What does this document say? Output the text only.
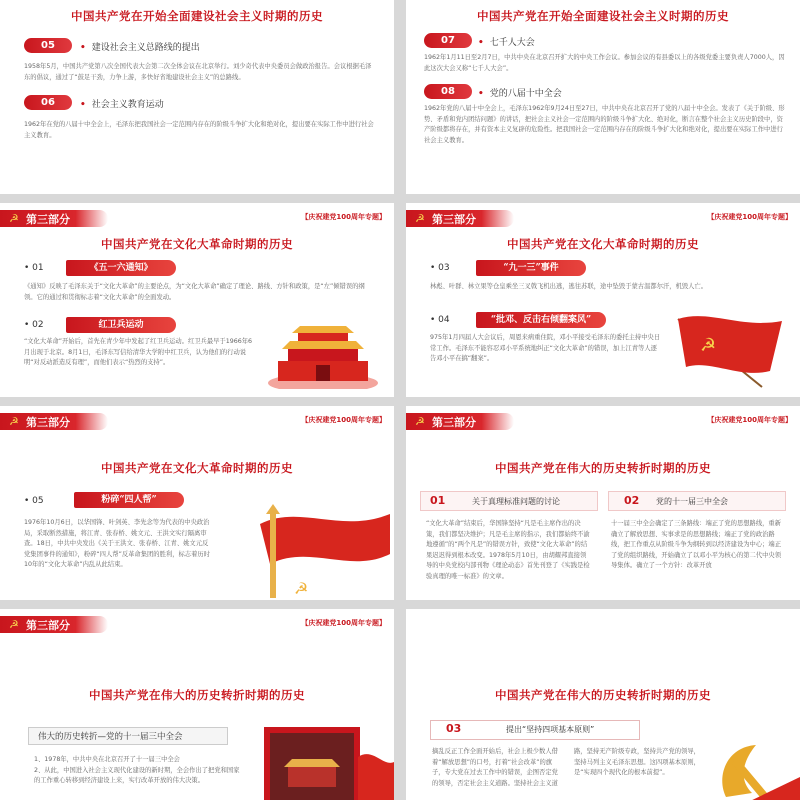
中国共产党在开始全面建设社会主义时期的历史
05	• 建设社会主义总路线的提出
1958年5月，中国共产党第八次全国代表大会第二次全体会议在北京举行。刘少奇代表中央委员会做政治报告。会议根据毛泽东的倡议，通过了“鼓足干劲，力争上游，多快好省地建设社会主义”的总路线。
06	• 社会主义教育运动
1962年在党的八届十中全会上，毛泽东把我国社会一定范围内存在的阶级斗争扩大化和绝对化，提出要在实际工作中进行社会主义教育。
中国共产党在开始全面建设社会主义时期的历史
07	• 七千人大会
1962年1月11日至2月7日，中共中央在北京召开扩大的中央工作会议。参加会议的有县委以上的各级党委主要负责人7000人，因此这次大会又称“七千人大会”。
08	• 党的八届十中全会
1962年党的八届十中全会上，毛泽东1962年9月24日至27日，中共中央在北京召开了党的八届十中全会。发表了《关于阶级、形势、矛盾和党内团结问题》的讲话，把社会主义社会一定范围内的阶级斗争扩大化、绝对化，断言在整个社会主义历史阶段中，资产阶级都将存在，并有资本主义复辟的危险性。把我国社会一定范围内存在的阶级斗争扩大化和绝对化，提出要在实际工作中进行社会主义教育。
☭ 第三部分	【庆祝建党100周年专题】
中国共产党在文化大革命时期的历史
• 01	《五一六通知》
《通知》反映了毛泽东关于“文化大革命”的主要论点，为“文化大革命”确定了理论、路线、方针和政策，是“左”倾错误的纲领。它的通过和贯彻标志着“文化大革命”的全面发动。
• 02	红卫兵运动
“文化大革命”开始后，首先在青少年中发起了红卫兵运动。红卫兵最早于1966年6月出现于北京。8月1日，毛泽东写信给清华大学附中红卫兵，认为他们的行动说明“对反动派造反有理”，而他们表示“热烈的支持”。
☭ 第三部分	【庆祝建党100周年专题】
中国共产党在文化大革命时期的历史
• 03	“九一三”事件
林彪、叶群、林立果等仓皇乘坐三叉戟飞机出逃，逃往苏联，途中坠毁于蒙古温都尔汗，机毁人亡。
• 04	“批邓、反击右倾翻案风”
975年1月四届人大会议后，周恩来病重住院，邓小平接受毛泽东的委托主持中央日常工作。毛泽东不能容忍邓小平系统地纠正“文化大革命”的错误，加上江青等人逐告邓小平在搞“翻案”。
☭
☭ 第三部分	【庆祝建党100周年专题】
中国共产党在文化大革命时期的历史
• 05	粉碎“四人帮”
1976年10月6日，以华国锋、叶剑英、李先念等为代表的中央政治局，采取断然措施，将江青、张春桥、姚文元、王洪文实行隔离审查。18日，中共中央发出《关于王洪文、张春桥、江青、姚文元反党集团事件的通知》，粉碎“四人帮”反革命集团的胜利，标志着历时10年的“文化大革命”内乱从此结束。
☭
☭ 第三部分	【庆祝建党100周年专题】
中国共产党在伟大的历史转折时期的历史
01	关于真理标准问题的讨论
“文化大革命”结束后，华国锋坚持“凡是毛主席作出的决策，我们都坚决维护；凡是毛主席的指示，我们都始终不渝地遵循”的“两个凡是”的错误方针，致使“文化大革命”的结果迟迟得到根本改变。1978年5月10日，由胡耀邦直接领导的中央党校内部刊物《理论动态》首先刊登了《实践是检验真理的唯一标准》的文章。
02 党的十一届三中全会
十一届三中全会确定了三条路线：端正了党的思想路线，重新确立了解放思想、实事求是的思想路线；端正了党的政治路线，把工作重点从阶级斗争为纲转到以经济建设为中心；端正了党的组织路线，开始确立了以邓小平为核心的第二代中央领导集体。确立了一个方针：改革开放
☭ 第三部分	【庆祝建党100周年专题】
中国共产党在伟大的历史转折时期的历史
伟大的历史转折—党的十一届三中全会
1、1978年，中共中央在北京召开了十一届三中全会
2、从此，中国进入社会主义现代化建设的新时期，全会作出了把党和国家的工作重心转移到经济建设上来，实行改革开放的伟大决策。
中国共产党在伟大的历史转折时期的历史
03	提出“坚持四项基本原则”
摘乱反正工作全面开始后，社会上极少数人借着“解放思想”的口号，打着“社会改革”的旗子，专大党在过去工作中的错误，企图否定党的领导，否定社会主义道路。坚持社会主义道路，坚持无产阶级专政，坚持共产党的领导，坚持马列主义毛泽东思想。这四项基本原则，是“实现四个现代化的根本前提”。
